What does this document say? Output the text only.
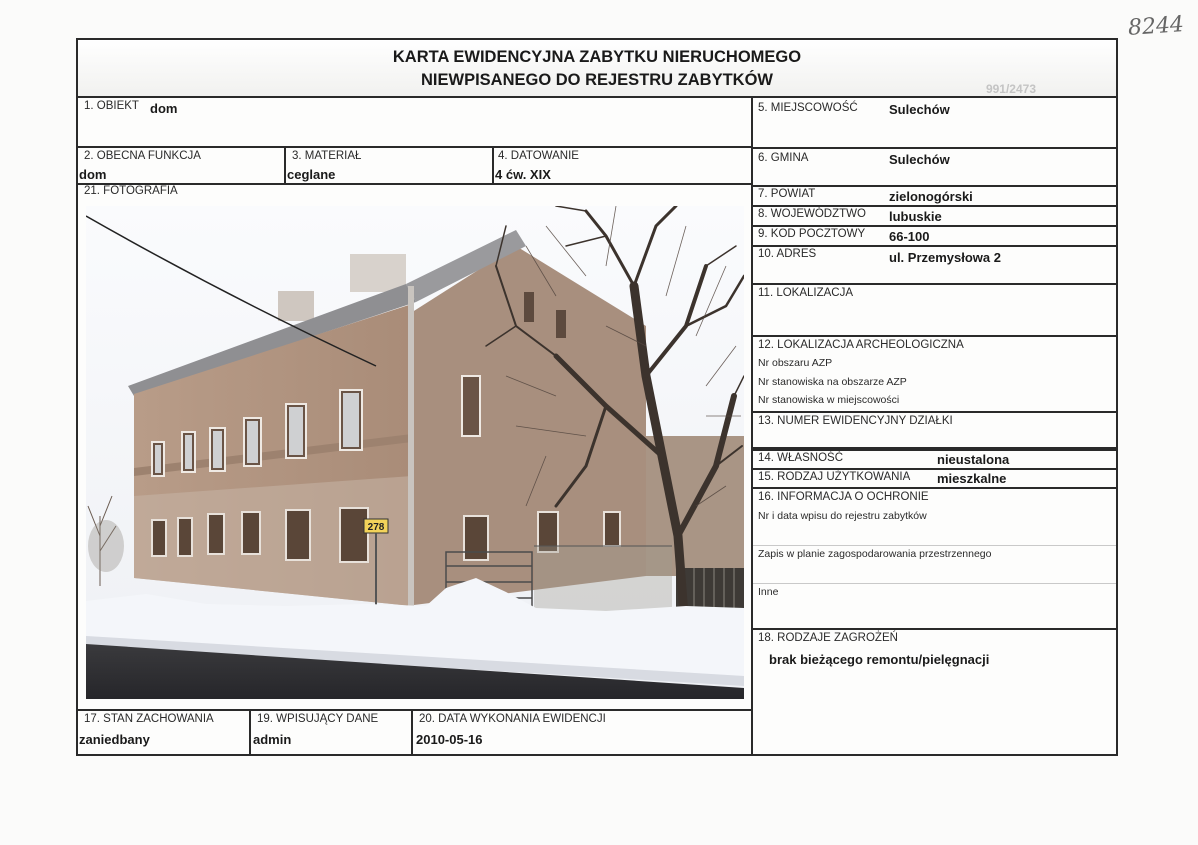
8244
KARTA EWIDENCYJNA ZABYTKU NIERUCHOMEGO
NIEWPISANEGO DO REJESTRU ZABYTKÓW	991/2473
1. OBIEKT dom
2. OBECNA FUNKCJA
dom
3. MATERIAŁ
ceglane
4. DATOWANIE
4 ćw. XIX
21. FOTOGRAFIA
278
17. STAN ZACHOWANIA
zaniedbany
19. WPISUJĄCY DANE
admin
20. DATA WYKONANIA EWIDENCJI
2010-05-16
5. MIEJSCOWOŚĆ Sulechów
6. GMINA	Sulechów
7. POWIAT	zielonogórski
8. WOJEWÓDZTWO lubuskie
9. KOD POCZTOWY 66-100
10. ADRES	ul. Przemysłowa 2
11. LOKALIZACJA
12. LOKALIZACJA ARCHEOLOGICZNA
Nr obszaru AZP
Nr stanowiska na obszarze AZP
Nr stanowiska w miejscowości
13. NUMER EWIDENCYJNY DZIAŁKI
14. WŁASNOŚĆ	nieustalona
15. RODZAJ UŻYTKOWANIA mieszkalne
16. INFORMACJA O OCHRONIE
Nr i data wpisu do rejestru zabytków
Zapis w planie zagospodarowania przestrzennego
Inne
18. RODZAJE ZAGROŻEŃ
brak bieżącego remontu/pielęgnacji
